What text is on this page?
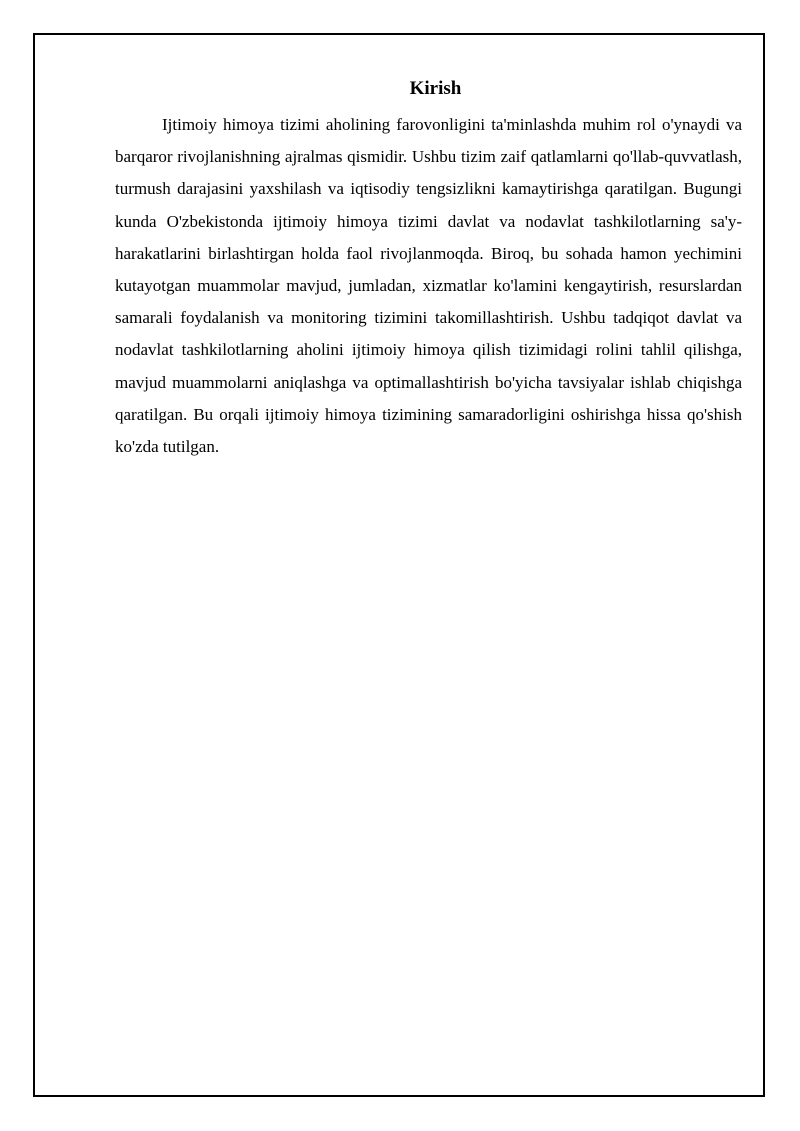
Kirish

Ijtimoiy himoya tizimi aholining farovonligini ta'minlashda muhim rol o'ynaydi va barqaror rivojlanishning ajralmas qismidir. Ushbu tizim zaif qatlamlarni qo'llab-quvvatlash, turmush darajasini yaxshilash va iqtisodiy tengsizlikni kamaytirishga qaratilgan. Bugungi kunda O'zbekistonda ijtimoiy himoya tizimi davlat va nodavlat tashkilotlarning sa'y-harakatlarini birlashtirgan holda faol rivojlanmoqda. Biroq, bu sohada hamon yechimini kutayotgan muammolar mavjud, jumladan, xizmatlar ko'lamini kengaytirish, resurslardan samarali foydalanish va monitoring tizimini takomillashtirish. Ushbu tadqiqot davlat va nodavlat tashkilotlarning aholini ijtimoiy himoya qilish tizimidagi rolini tahlil qilishga, mavjud muammolarni aniqlashga va optimallashtirish bo'yicha tavsiyalar ishlab chiqishga qaratilgan. Bu orqali ijtimoiy himoya tizimining samaradorligini oshirishga hissa qo'shish ko'zda tutilgan.
